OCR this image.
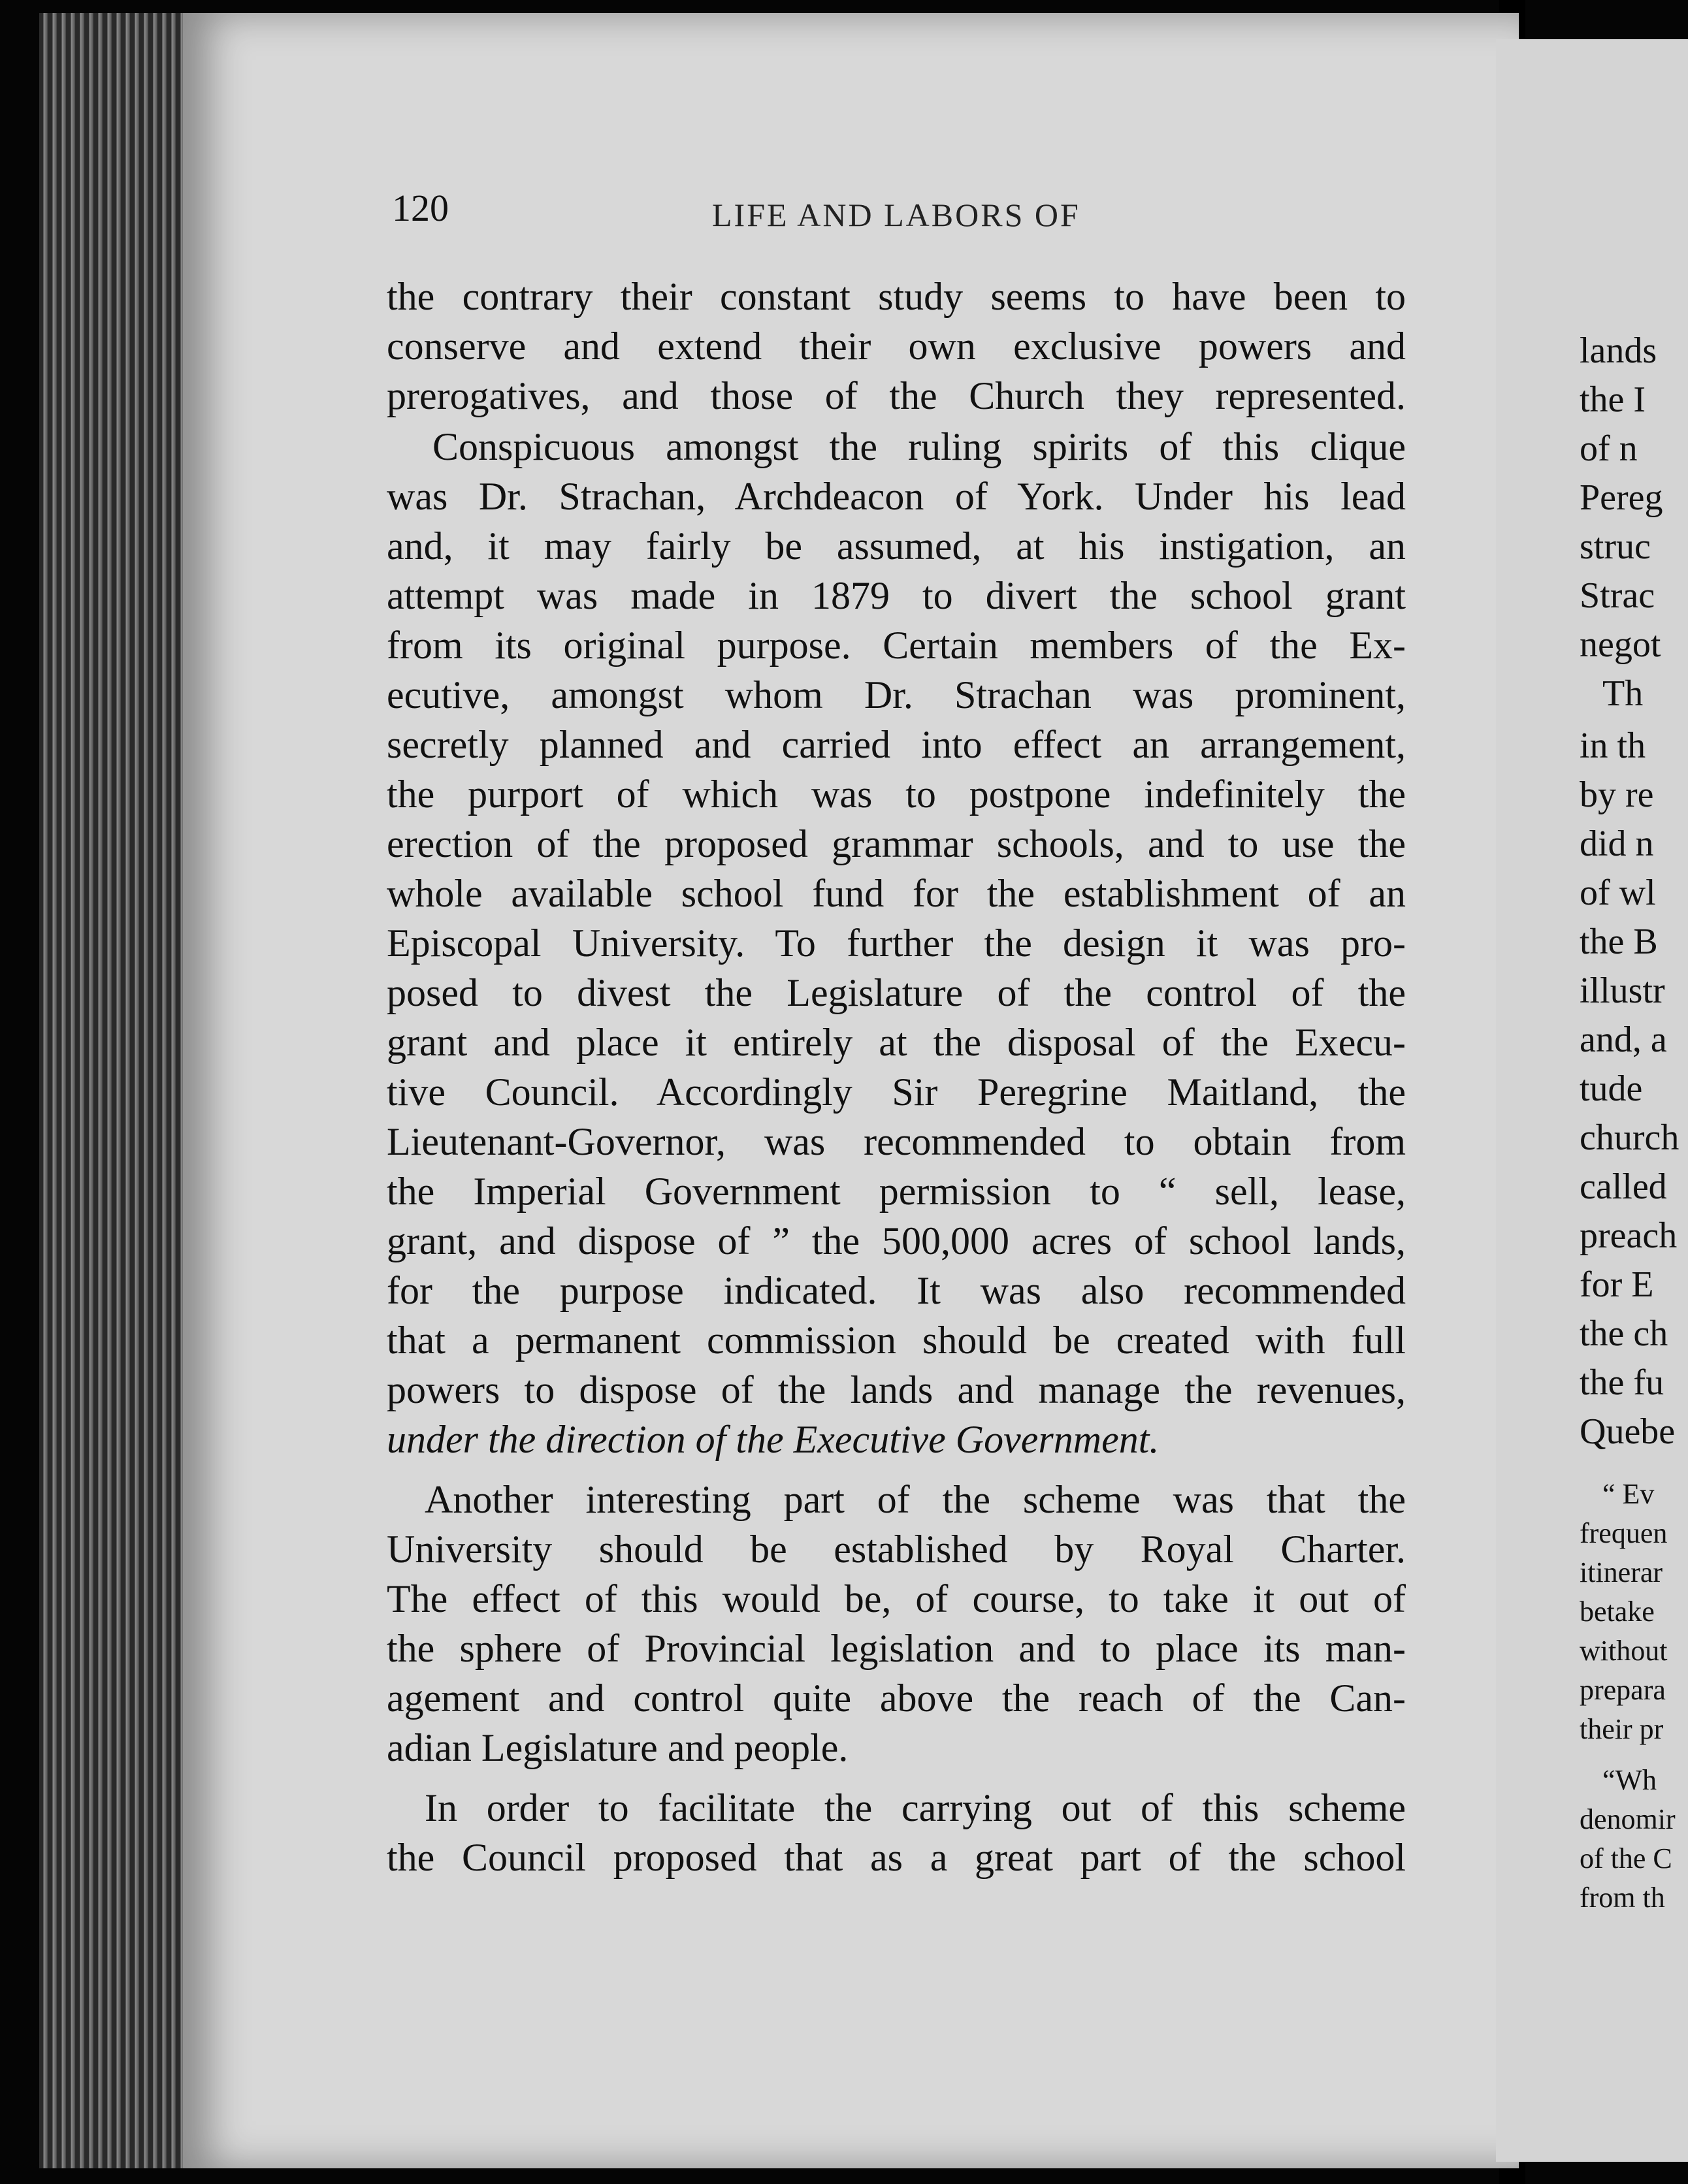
120	LIFE AND LABORS OF
the contrary their constant study seems to have been to
conserve and extend their own exclusive powers and
prerogatives, and those of the Church they represented.
Conspicuous amongst the ruling spirits of this clique
was Dr. Strachan, Archdeacon of York. Under his lead
and, it may fairly be assumed, at his instigation, an
attempt was made in 1879 to divert the school grant
from its original purpose. Certain members of the Ex-
ecutive, amongst whom Dr. Strachan was prominent,
secretly planned and carried into effect an arrangement,
the purport of which was to postpone indefinitely the
erection of the proposed grammar schools, and to use the
whole available school fund for the establishment of an
Episcopal University. To further the design it was pro-
posed to divest the Legislature of the control of the
grant and place it entirely at the disposal of the Execu-
tive Council. Accordingly Sir Peregrine Maitland, the
Lieutenant-Governor, was recommended to obtain from
the Imperial Government permission to “ sell, lease,
grant, and dispose of ” the 500,000 acres of school lands,
for the purpose indicated. It was also recommended
that a permanent commission should be created with full
powers to dispose of the lands and manage the revenues,
under the direction of the Executive Government.
Another interesting part of the scheme was that the
University should be established by Royal Charter.
The effect of this would be, of course, to take it out of
the sphere of Provincial legislation and to place its man-
agement and control quite above the reach of the Can-
adian Legislature and people.
In order to facilitate the carrying out of this scheme
the Council proposed that as a great part of the school
lands
the I
of n
Pereg
struc
Strac
negot
Th
in th
by re
did n
of wl
the B
illustr
and, a
tude
church
called
preach
for E
the ch
the fu
Quebe
“ Ev
frequen
itinerar
betake
without
prepara
their pr
“Wh
denomir
of the C
from th
